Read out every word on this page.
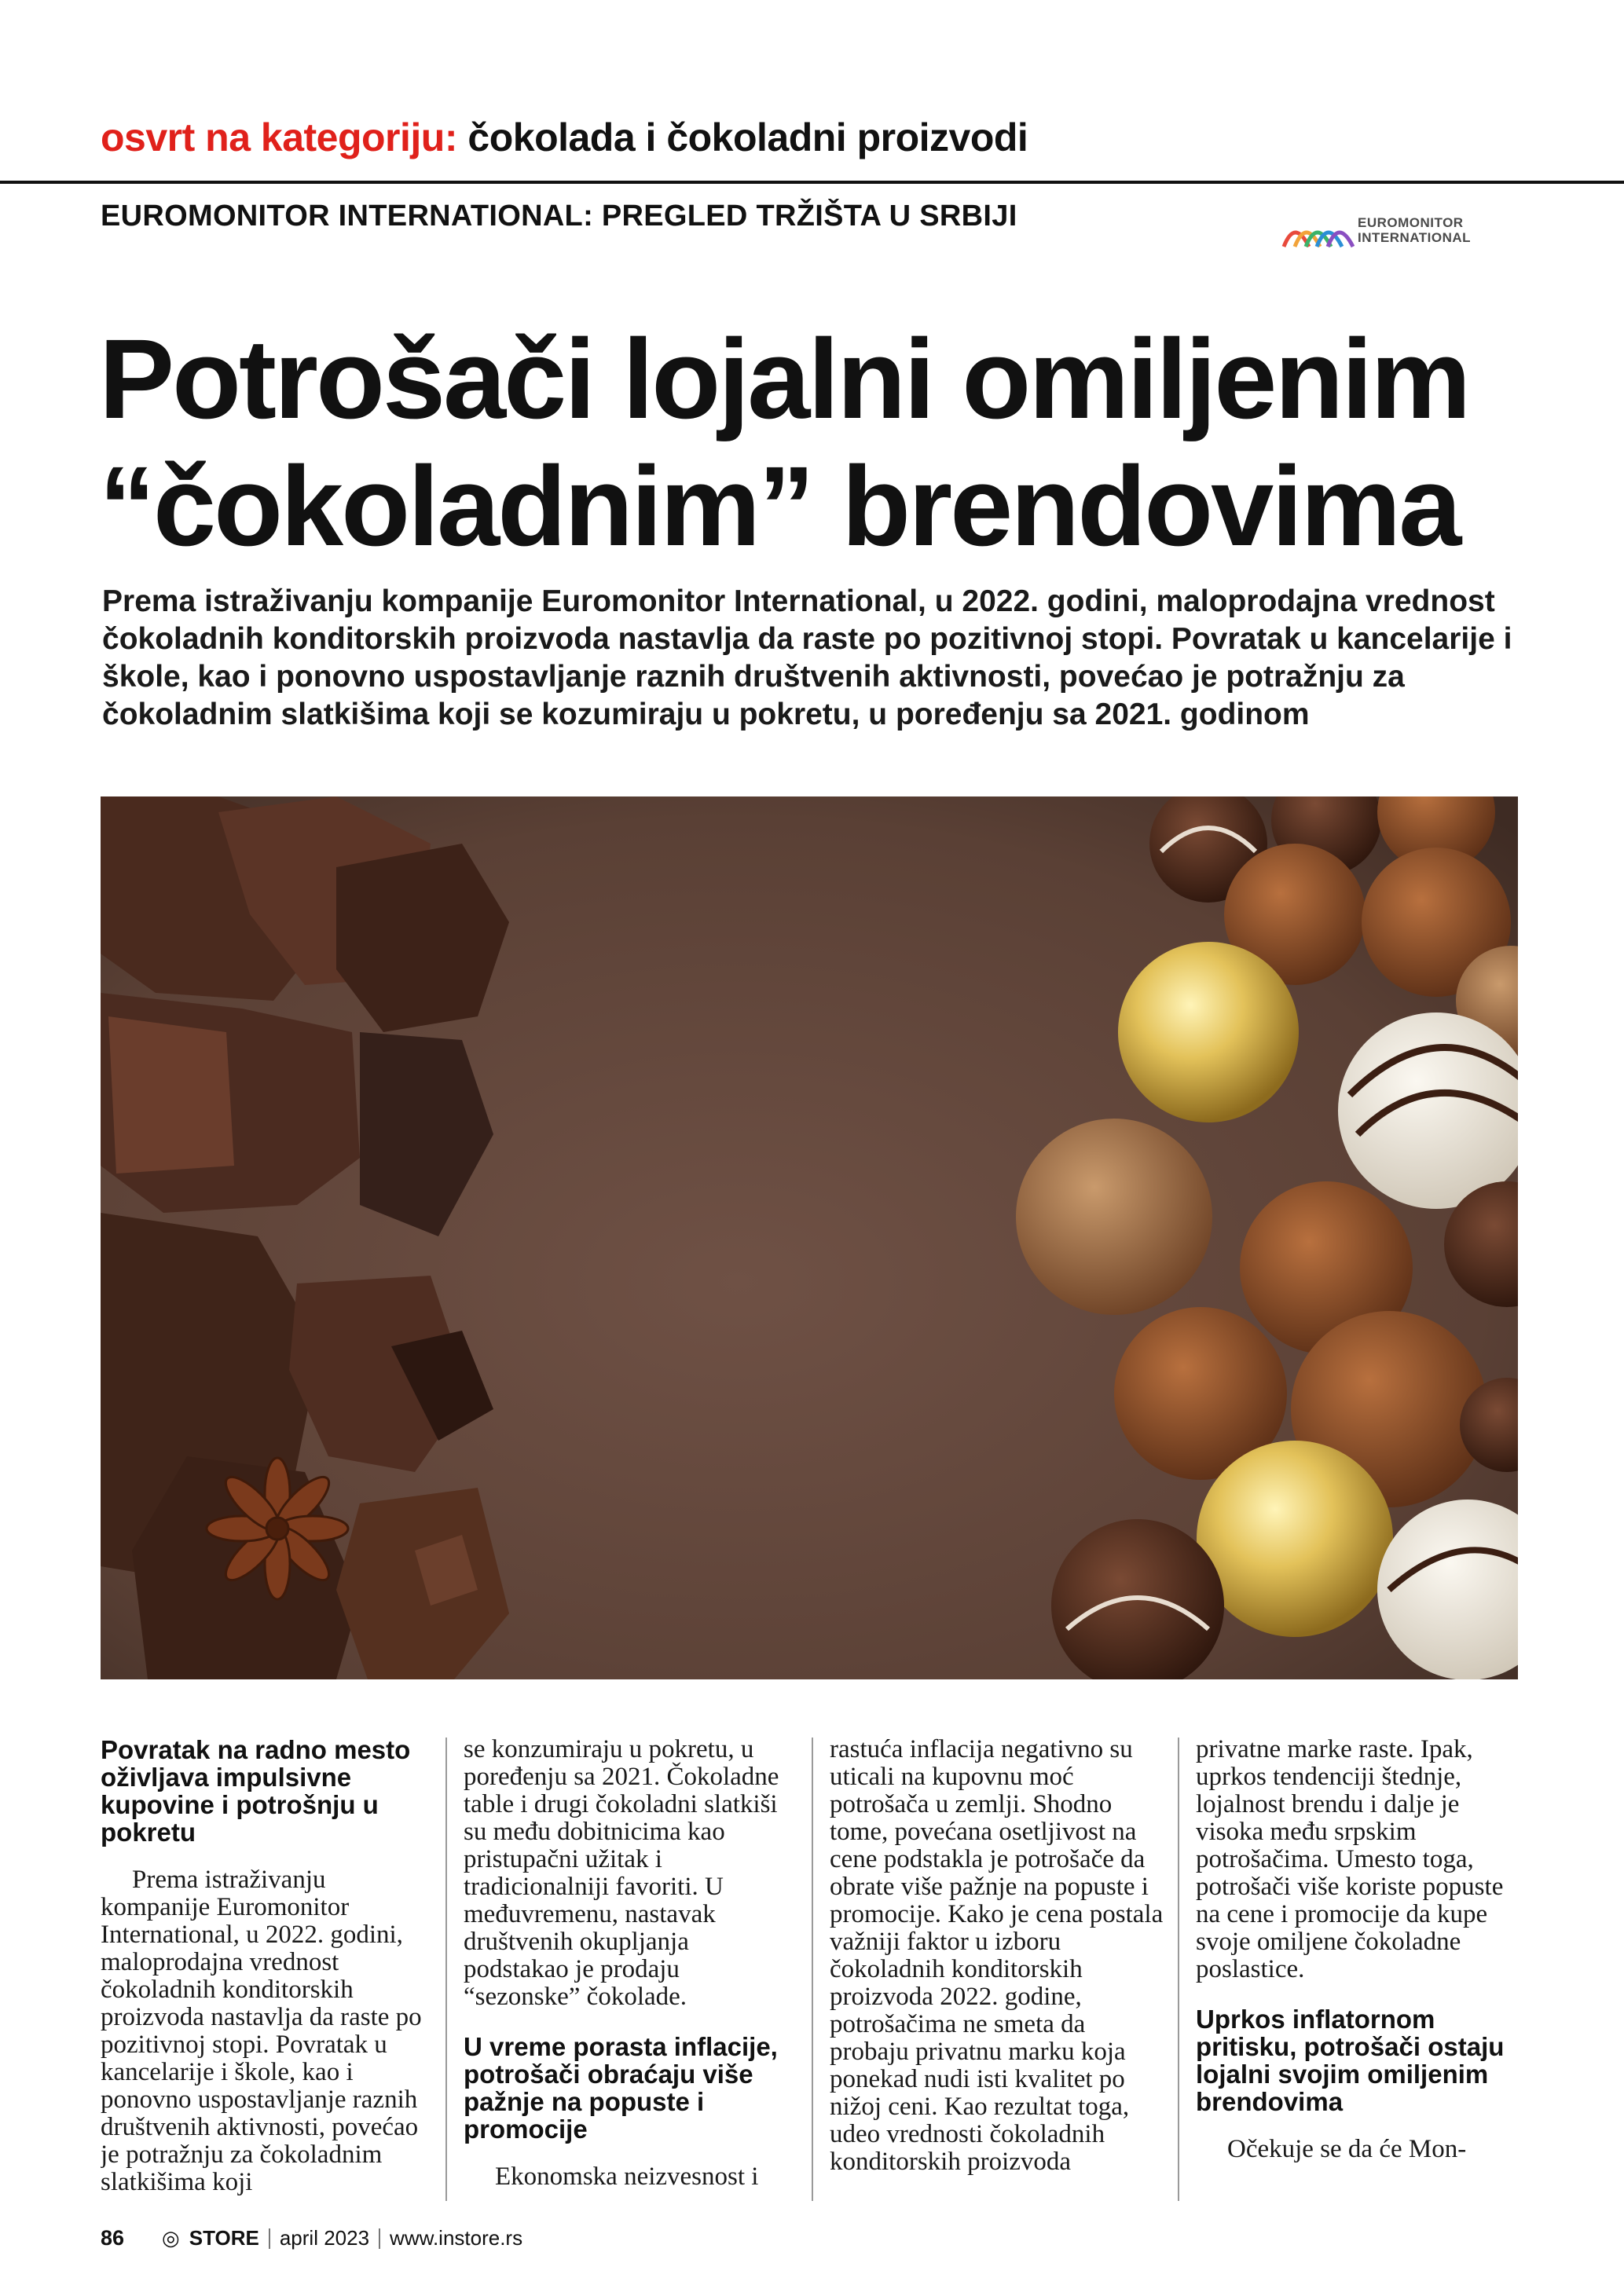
osvrt na kategoriju: čokolada i čokoladni proizvodi
EUROMONITOR INTERNATIONAL: PREGLED TRŽIŠTA U SRBIJI	EUROMONITOR
INTERNATIONAL
Potrošači lojalni omiljenim
“čokoladnim” brendovima
Prema istraživanju kompanije Euromonitor International, u 2022. godini, maloprodajna vrednost čokoladnih konditorskih proizvoda nastavlja da raste po pozitivnoj stopi. Povratak u kancelarije i škole, kao i ponovno uspostavljanje raznih društvenih aktivnosti, povećao je potražnju za čokoladnim slatkišima koji se kozumiraju u pokretu, u poređenju sa 2021. godinom
Povratak na radno mesto oživljava impulsivne kupovine i potrošnju u pokretu

Prema istraživanju kompanije Euromonitor International, u 2022. godini, maloprodajna vrednost čokoladnih konditorskih proizvoda nastavlja da raste po pozitivnoj stopi. Povratak u kancelarije i škole, kao i ponovno uspostavljanje raznih društvenih aktivnosti, povećao je potražnju za čokoladnim slatkišima koji

se konzumiraju u pokretu, u poređenju sa 2021. Čokoladne table i drugi čokoladni slatkiši su među dobitnicima kao pristupačni užitak i tradicionalniji favoriti. U međuvremenu, nastavak društvenih okupljanja podstakao je prodaju “sezonske” čokolade.

U vreme porasta inflacije, potrošači obraćaju više pažnje na popuste i promocije

Ekonomska neizvesnost i

rastuća inflacija negativno su uticali na kupovnu moć potrošača u zemlji. Shodno tome, povećana osetljivost na cene podstakla je potrošače da obrate više pažnje na popuste i promocije. Kako je cena postala važniji faktor u izboru čokoladnih konditorskih proizvoda 2022. godine, potrošačima ne smeta da probaju privatnu marku koja ponekad nudi isti kvalitet po nižoj ceni. Kao rezultat toga, udeo vrednosti čokoladnih konditorskih proizvoda

privatne marke raste. Ipak, uprkos tendenciji štednje, lojalnost brendu i dalje je visoka među srpskim potrošačima. Umesto toga, potrošači više koriste popuste na cene i promocije da kupe svoje omiljene čokoladne poslastice.

Uprkos inflatornom pritisku, potrošači ostaju lojalni svojim omiljenim brendovima

Očekuje se da će Mon-

86 ◎ STORE april 2023 www.instore.rs
